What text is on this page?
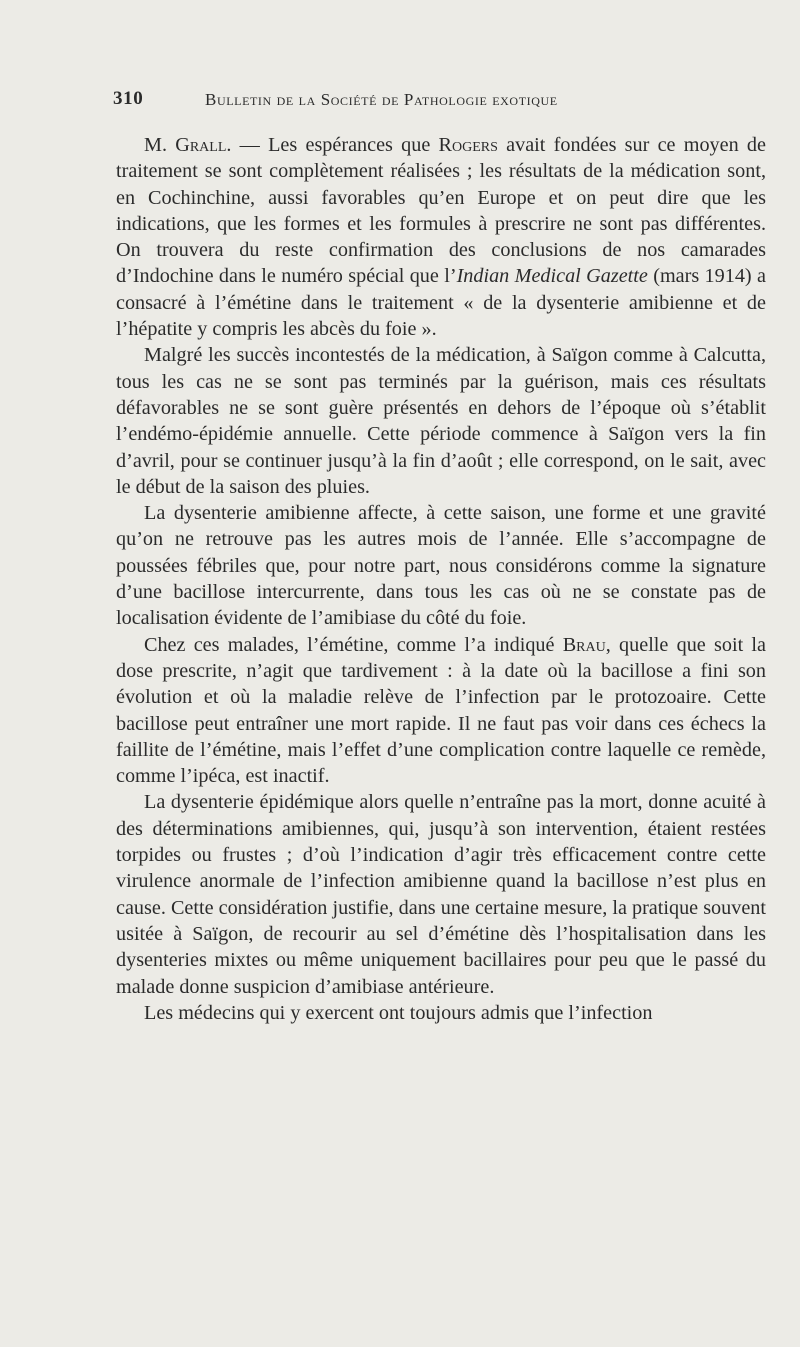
310	Bulletin de la Société de Pathologie exotique

M. Grall. — Les espérances que Rogers avait fondées sur ce moyen de traitement se sont complètement réalisées ; les résultats de la médication sont, en Cochinchine, aussi favorables qu’en Europe et on peut dire que les indications, que les formes et les formules à prescrire ne sont pas différentes. On trouvera du reste confirmation des conclusions de nos camarades d’Indochine dans le numéro spécial que l’Indian Medical Gazette (mars 1914) a consacré à l’émétine dans le traitement « de la dysenterie amibienne et de l’hépatite y compris les abcès du foie ».

Malgré les succès incontestés de la médication, à Saïgon comme à Calcutta, tous les cas ne se sont pas terminés par la guérison, mais ces résultats défavorables ne se sont guère présentés en dehors de l’époque où s’établit l’endémo-épidémie annuelle. Cette période commence à Saïgon vers la fin d’avril, pour se continuer jusqu’à la fin d’août ; elle correspond, on le sait, avec le début de la saison des pluies.

La dysenterie amibienne affecte, à cette saison, une forme et une gravité qu’on ne retrouve pas les autres mois de l’année. Elle s’accompagne de poussées fébriles que, pour notre part, nous considérons comme la signature d’une bacillose intercurrente, dans tous les cas où ne se constate pas de localisation évidente de l’amibiase du côté du foie.

Chez ces malades, l’émétine, comme l’a indiqué Brau, quelle que soit la dose prescrite, n’agit que tardivement : à la date où la bacillose a fini son évolution et où la maladie relève de l’infection par le protozoaire. Cette bacillose peut entraîner une mort rapide. Il ne faut pas voir dans ces échecs la faillite de l’émétine, mais l’effet d’une complication contre laquelle ce remède, comme l’ipéca, est inactif.

La dysenterie épidémique alors quelle n’entraîne pas la mort, donne acuité à des déterminations amibiennes, qui, jusqu’à son intervention, étaient restées torpides ou frustes ; d’où l’indication d’agir très efficacement contre cette virulence anormale de l’infection amibienne quand la bacillose n’est plus en cause. Cette considération justifie, dans une certaine mesure, la pratique souvent usitée à Saïgon, de recourir au sel d’émétine dès l’hospitalisation dans les dysenteries mixtes ou même uniquement bacillaires pour peu que le passé du malade donne suspicion d’amibiase antérieure.

Les médecins qui y exercent ont toujours admis que l’infection
